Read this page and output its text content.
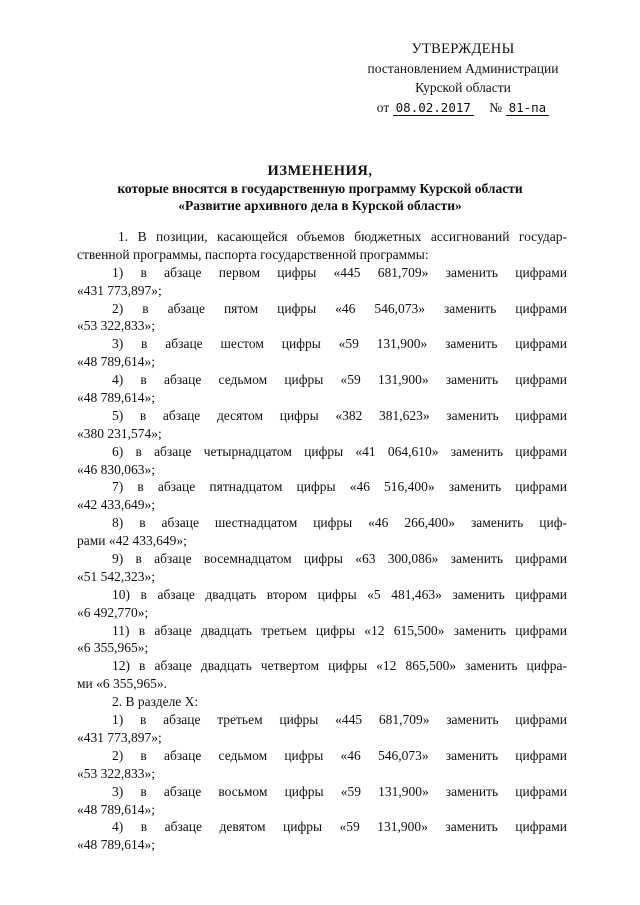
УТВЕРЖДЕНЫ
постановлением Администрации
Курской области
от 08.02.2017 № 81-па
ИЗМЕНЕНИЯ,
которые вносятся в государственную программу Курской области
«Развитие архивного дела в Курской области»
1. В позиции, касающейся объемов бюджетных ассигнований государ-
ственной программы, паспорта государственной программы:
1) в абзаце первом цифры «445 681,709» заменить цифрами
«431 773,897»;
2) в абзаце пятом цифры «46 546,073» заменить цифрами
«53 322,833»;
3) в абзаце шестом цифры «59 131,900» заменить цифрами
«48 789,614»;
4) в абзаце седьмом цифры «59 131,900» заменить цифрами
«48 789,614»;
5) в абзаце десятом цифры «382 381,623» заменить цифрами
«380 231,574»;
6) в абзаце четырнадцатом цифры «41 064,610» заменить цифрами
«46 830,063»;
7) в абзаце пятнадцатом цифры «46 516,400» заменить цифрами
«42 433,649»;
8) в абзаце шестнадцатом цифры «46 266,400» заменить циф-
рами «42 433,649»;
9) в абзаце восемнадцатом цифры «63 300,086» заменить цифрами
«51 542,323»;
10) в абзаце двадцать втором цифры «5 481,463» заменить цифрами
«6 492,770»;
11) в абзаце двадцать третьем цифры «12 615,500» заменить цифрами
«6 355,965»;
12) в абзаце двадцать четвертом цифры «12 865,500» заменить цифра-
ми «6 355,965».
2. В разделе X:
1) в абзаце третьем цифры «445 681,709» заменить цифрами
«431 773,897»;
2) в абзаце седьмом цифры «46 546,073» заменить цифрами
«53 322,833»;
3) в абзаце восьмом цифры «59 131,900» заменить цифрами
«48 789,614»;
4) в абзаце девятом цифры «59 131,900» заменить цифрами
«48 789,614»;
